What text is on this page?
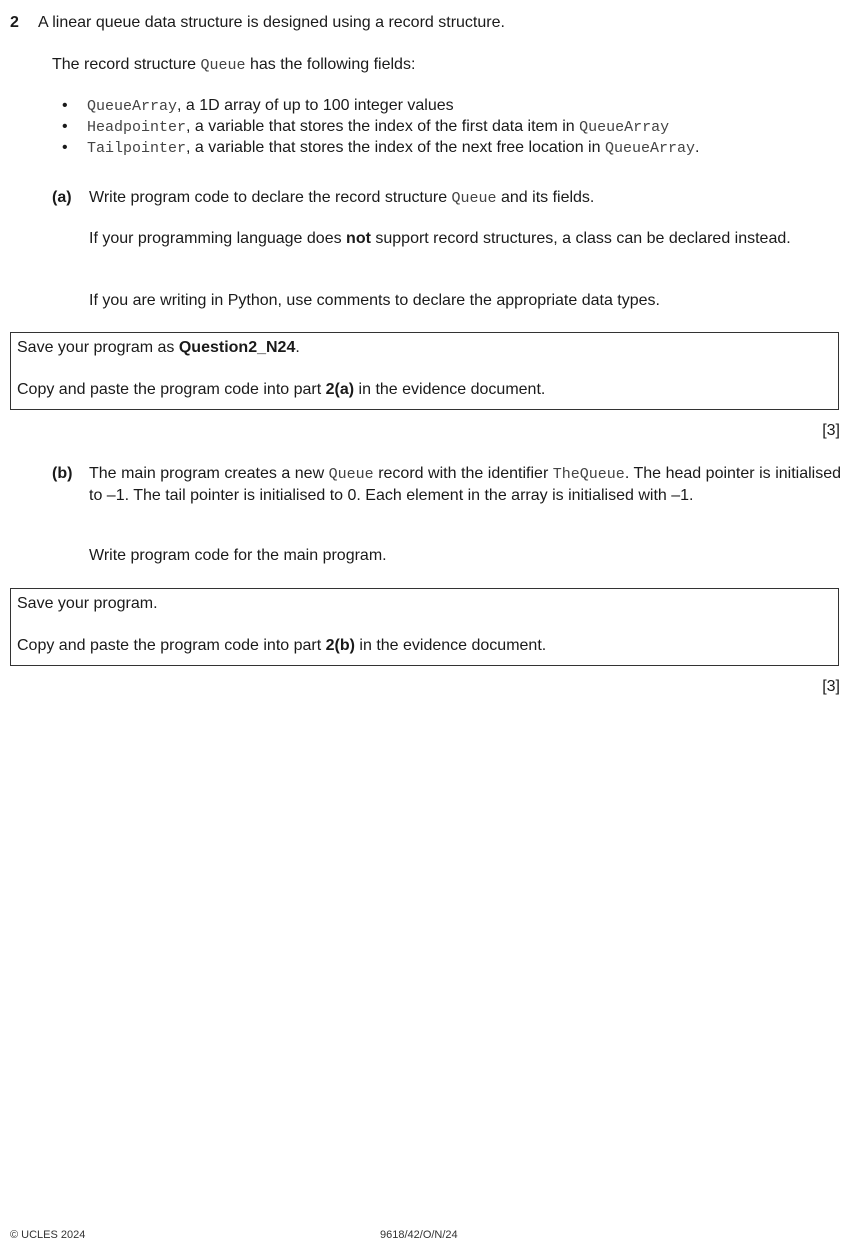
2 A linear queue data structure is designed using a record structure.
The record structure Queue has the following fields:
• QueueArray, a 1D array of up to 100 integer values
• Headpointer, a variable that stores the index of the first data item in QueueArray
• Tailpointer, a variable that stores the index of the next free location in QueueArray.
(a) Write program code to declare the record structure Queue and its fields.
If your programming language does not support record structures, a class can be declared instead.
If you are writing in Python, use comments to declare the appropriate data types.

Save your program as Question2_N24.

Copy and paste the program code into part 2(a) in the evidence document.

[3]
(b) The main program creates a new Queue record with the identifier TheQueue. The head pointer is initialised to –1. The tail pointer is initialised to 0. Each element in the array is initialised with –1.
Write program code for the main program.

Save your program.

Copy and paste the program code into part 2(b) in the evidence document.

[3]
© UCLES 2024	9618/42/O/N/24
